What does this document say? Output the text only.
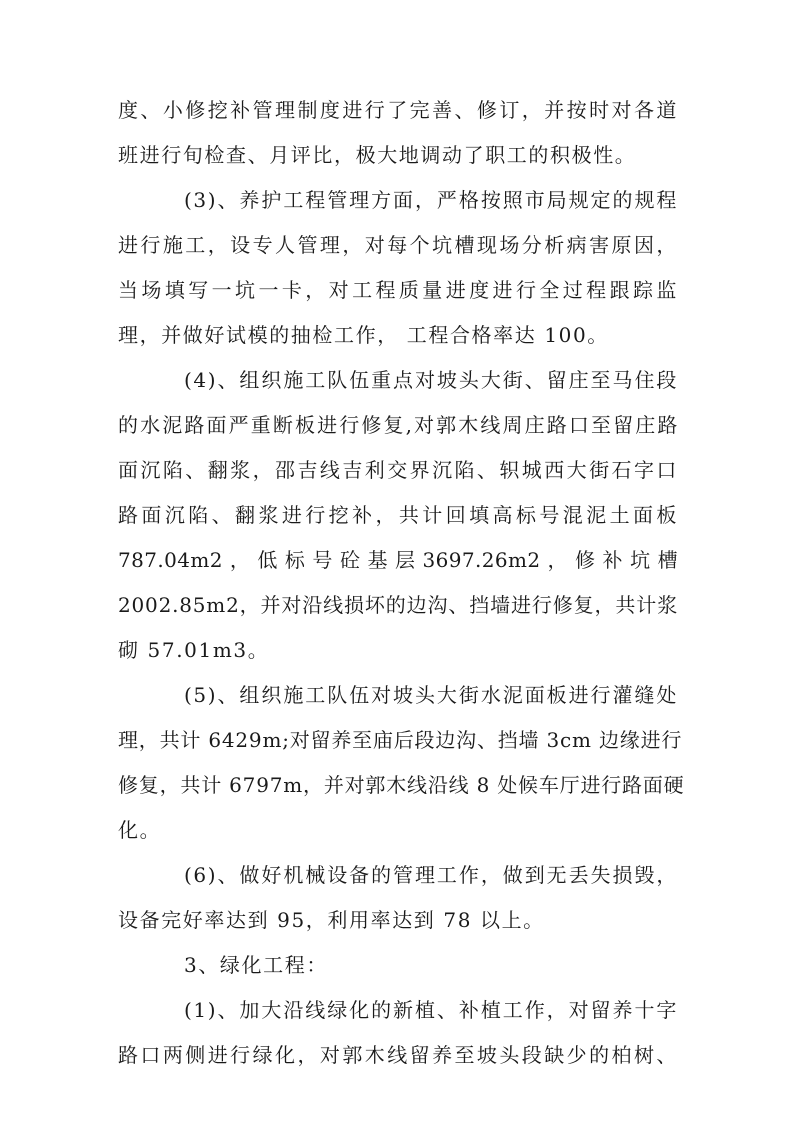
度、小修挖补管理制度进行了完善、修订，并按时对各道
班进行旬检查、月评比，极大地调动了职工的积极性。
(3)、养护工程管理方面，严格按照市局规定的规程
进行施工，设专人管理，对每个坑槽现场分析病害原因，
当场填写一坑一卡，对工程质量进度进行全过程跟踪监
理，并做好试模的抽检工作， 工程合格率达 100。
(4)、组织施工队伍重点对坡头大街、留庄至马住段
的水泥路面严重断板进行修复,对郭木线周庄路口至留庄路
面沉陷、翻浆，邵吉线吉利交界沉陷、轵城西大街石字口
路面沉陷、翻浆进行挖补，共计回填高标号混泥土面板
787.04m2 ， 低 标 号 砼 基 层 3697.26m2 ， 修 补 坑 槽
2002.85m2，并对沿线损坏的边沟、挡墙进行修复，共计浆
砌 57.01m3。
(5)、组织施工队伍对坡头大街水泥面板进行灌缝处
理，共计 6429m;对留养至庙后段边沟、挡墙 3cm 边缘进行
修复，共计 6797m，并对郭木线沿线 8 处候车厅进行路面硬
化。
(6)、做好机械设备的管理工作，做到无丢失损毁，
设备完好率达到 95，利用率达到 78 以上。
3、绿化工程：
(1)、加大沿线绿化的新植、补植工作，对留养十字
路口两侧进行绿化，对郭木线留养至坡头段缺少的柏树、
